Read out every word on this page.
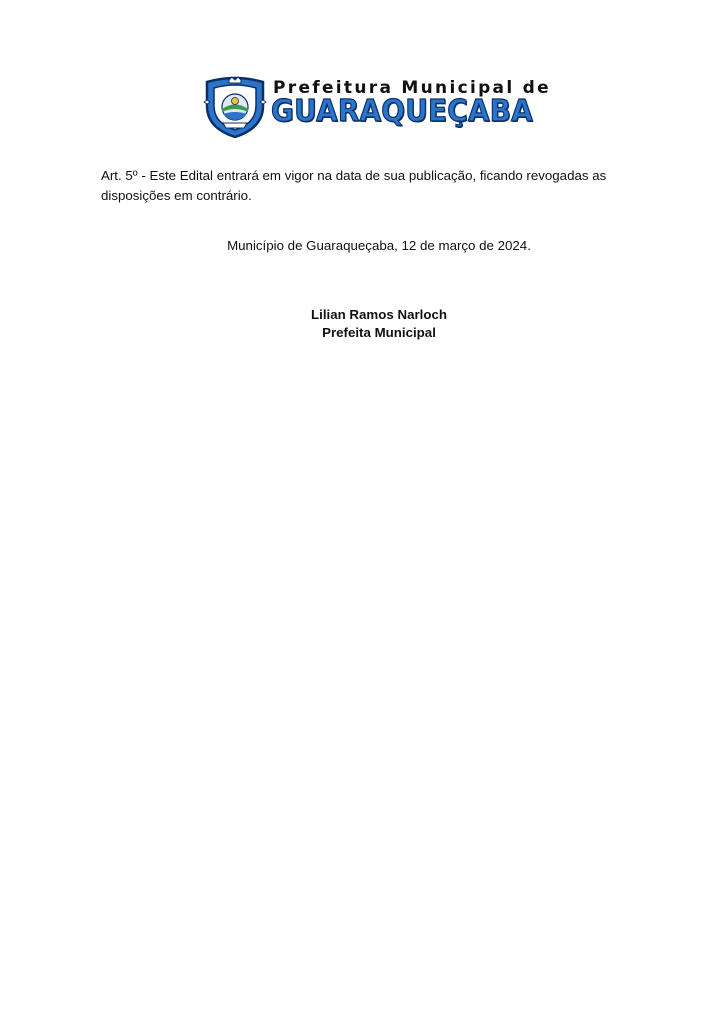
Prefeitura Municipal de
GUARAQUEÇABA

Art. 5º - Este Edital entrará em vigor na data de sua publicação, ficando revogadas as disposições em contrário.

Município de Guaraqueçaba, 12 de março de 2024.

Lilian Ramos Narloch
Prefeita Municipal
